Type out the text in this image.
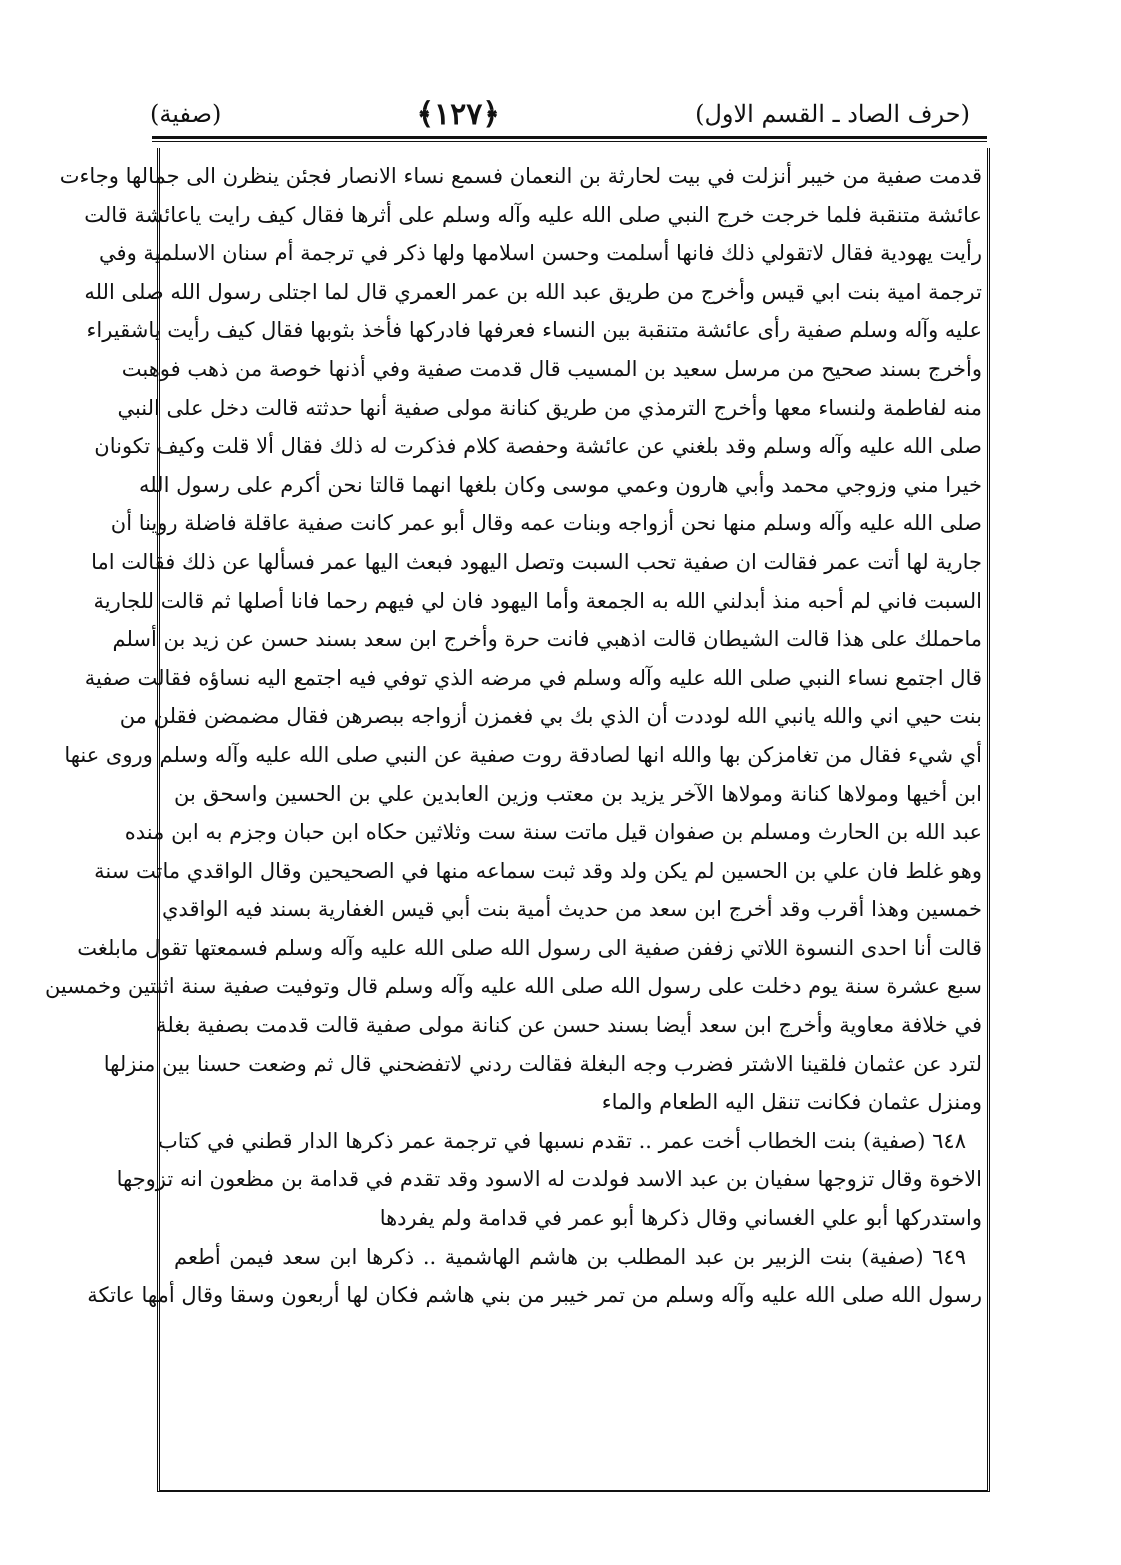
(حرف الصاد ـ القسم الاول)
﴿١٢٧﴾
(صفية)
قدمت صفية من خيبر أنزلت في بيت لحارثة بن النعمان فسمع نساء الانصار فجئن ينظرن الى جمالها وجاءت
عائشة متنقبة فلما خرجت خرج النبي صلى الله عليه وآله وسلم على أثرها فقال كيف رايت ياعائشة قالت
رأيت يهودية فقال لاتقولي ذلك فانها أسلمت وحسن اسلامها ولها ذكر في ترجمة أم سنان الاسلمية وفي
ترجمة امية بنت ابي قيس وأخرج من طريق عبد الله بن عمر العمري قال لما اجتلى رسول الله صلى الله
عليه وآله وسلم صفية رأى عائشة متنقبة بين النساء فعرفها فادركها فأخذ بثوبها فقال كيف رأيت ياشقيراء
وأخرج بسند صحيح من مرسل سعيد بن المسيب قال قدمت صفية وفي أذنها خوصة من ذهب فوهبت
منه لفاطمة ولنساء معها وأخرج الترمذي من طريق كنانة مولى صفية أنها حدثته قالت دخل على النبي
صلى الله عليه وآله وسلم وقد بلغني عن عائشة وحفصة كلام فذكرت له ذلك فقال ألا قلت وكيف تكونان
خيرا مني وزوجي محمد وأبي هارون وعمي موسى وكان بلغها انهما قالتا نحن أكرم على رسول الله
صلى الله عليه وآله وسلم منها نحن أزواجه وبنات عمه وقال أبو عمر كانت صفية عاقلة فاضلة روينا أن
جارية لها أتت عمر فقالت ان صفية تحب السبت وتصل اليهود فبعث اليها عمر فسألها عن ذلك فقالت اما
السبت فاني لم أحبه منذ أبدلني الله به الجمعة وأما اليهود فان لي فيهم رحما فانا أصلها ثم قالت للجارية
ماحملك على هذا قالت الشيطان قالت اذهبي فانت حرة وأخرج ابن سعد بسند حسن عن زيد بن أسلم
قال اجتمع نساء النبي صلى الله عليه وآله وسلم في مرضه الذي توفي فيه اجتمع اليه نساؤه فقالت صفية
بنت حيي اني والله يانبي الله لوددت أن الذي بك بي فغمزن أزواجه ببصرهن فقال مضمضن فقلن من
أي شيء فقال من تغامزكن بها والله انها لصادقة روت صفية عن النبي صلى الله عليه وآله وسلم وروى عنها
ابن أخيها ومولاها كنانة ومولاها الآخر يزيد بن معتب وزين العابدين علي بن الحسين واسحق بن
عبد الله بن الحارث ومسلم بن صفوان قيل ماتت سنة ست وثلاثين حكاه ابن حبان وجزم به ابن منده
وهو غلط فان علي بن الحسين لم يكن ولد وقد ثبت سماعه منها في الصحيحين وقال الواقدي ماتت سنة
خمسين وهذا أقرب وقد أخرج ابن سعد من حديث أمية بنت أبي قيس الغفارية بسند فيه الواقدي
قالت أنا احدى النسوة اللاتي زففن صفية الى رسول الله صلى الله عليه وآله وسلم فسمعتها تقول مابلغت
سبع عشرة سنة يوم دخلت على رسول الله صلى الله عليه وآله وسلم قال وتوفيت صفية سنة اثنتين وخمسين
في خلافة معاوية وأخرج ابن سعد أيضا بسند حسن عن كنانة مولى صفية قالت قدمت بصفية بغلة
لترد عن عثمان فلقينا الاشتر فضرب وجه البغلة فقالت ردني لاتفضحني قال ثم وضعت حسنا بين منزلها
ومنزل عثمان فكانت تنقل اليه الطعام والماء
٦٤٨ (صفية) بنت الخطاب أخت عمر .. تقدم نسبها في ترجمة عمر ذكرها الدار قطني في كتاب
الاخوة وقال تزوجها سفيان بن عبد الاسد فولدت له الاسود وقد تقدم في قدامة بن مظعون انه تزوجها
واستدركها أبو علي الغساني وقال ذكرها أبو عمر في قدامة ولم يفردها
٦٤٩ (صفية) بنت الزبير بن عبد المطلب بن هاشم الهاشمية .. ذكرها ابن سعد فيمن أطعم
رسول الله صلى الله عليه وآله وسلم من تمر خيبر من بني هاشم فكان لها أربعون وسقا وقال أمها عاتكة
